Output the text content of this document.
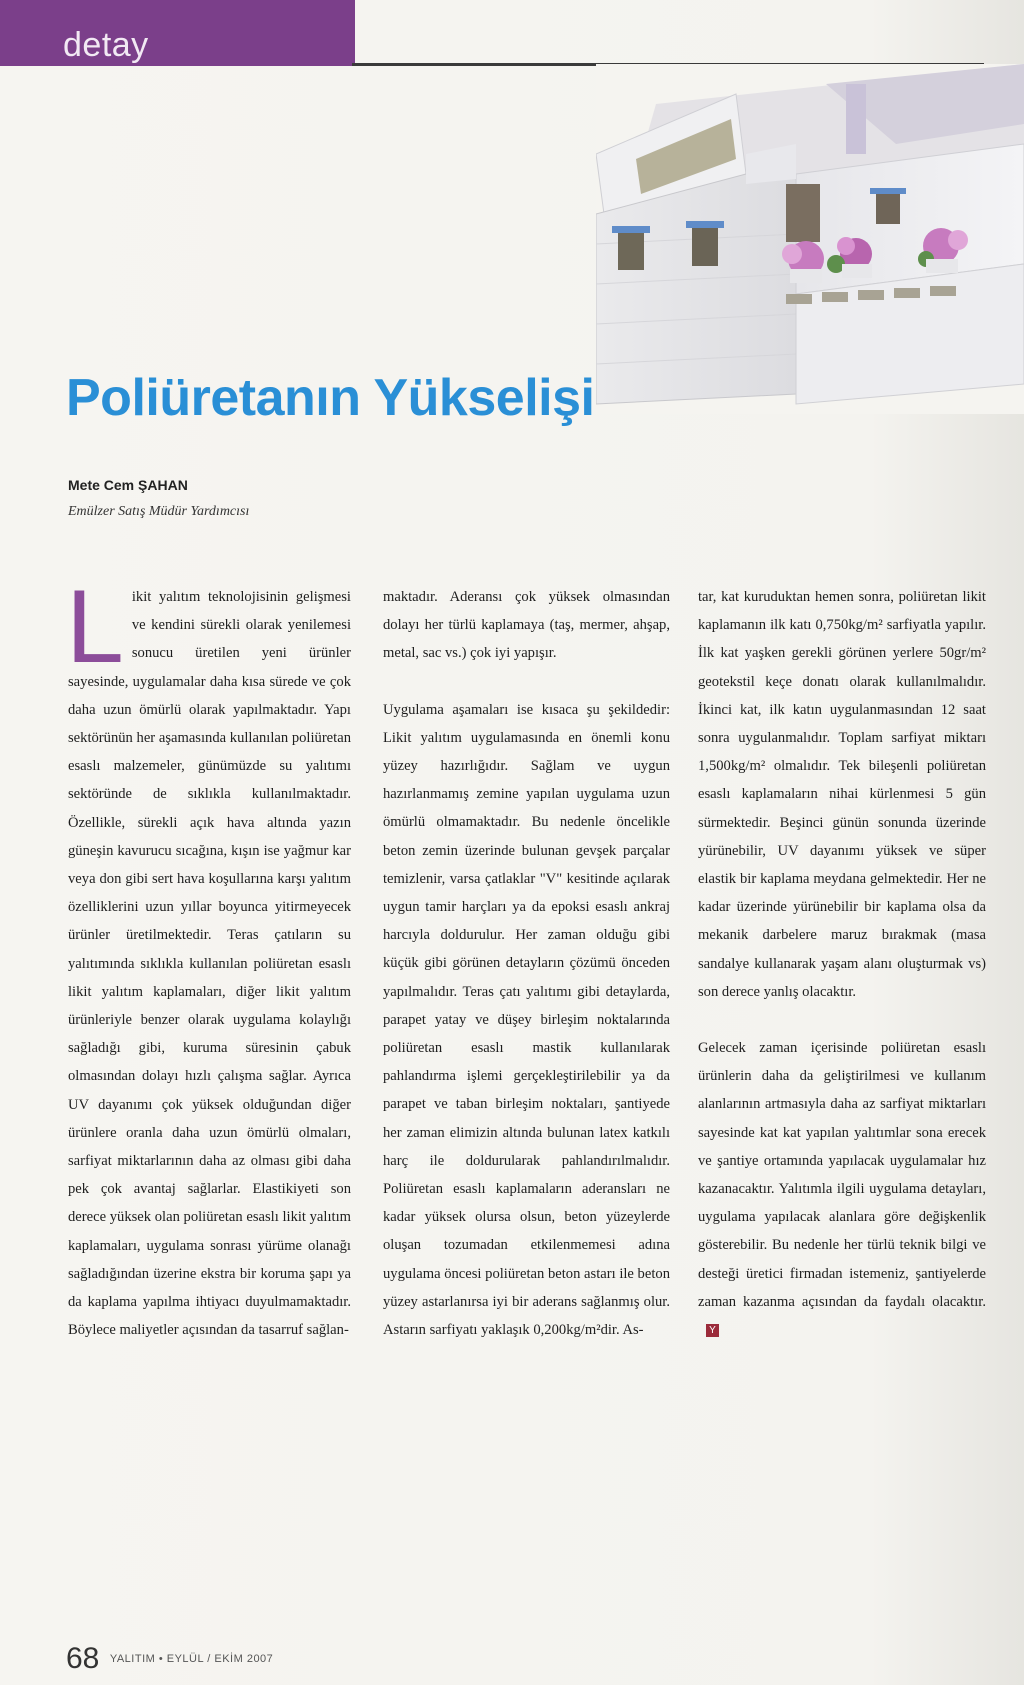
detay
Poliüretanın Yükselişi
Mete Cem ŞAHAN
Emülzer Satış Müdür Yardımcısı

Likit yalıtım teknolojisinin gelişmesi ve kendini sürekli olarak yenilemesi sonucu üretilen yeni ürünler sayesinde, uygulamalar daha kısa sürede ve çok daha uzun ömürlü olarak yapılmaktadır. Yapı sektörünün her aşamasında kullanılan poliüretan esaslı malzemeler, günümüzde su yalıtımı sektöründe de sıklıkla kullanılmaktadır. Özellikle, sürekli açık hava altında yazın güneşin kavurucu sıcağına, kışın ise yağmur kar veya don gibi sert hava koşullarına karşı yalıtım özelliklerini uzun yıllar boyunca yitirmeyecek ürünler üretilmektedir. Teras çatıların su yalıtımında sıklıkla kullanılan poliüretan esaslı likit yalıtım kaplamaları, diğer likit yalıtım ürünleriyle benzer olarak uygulama kolaylığı sağladığı gibi, kuruma süresinin çabuk olmasından dolayı hızlı çalışma sağlar. Ayrıca UV dayanımı çok yüksek olduğundan diğer ürünlere oranla daha uzun ömürlü olmaları, sarfiyat miktarlarının daha az olması gibi daha pek çok avantaj sağlarlar. Elastikiyeti son derece yüksek olan poliüretan esaslı likit yalıtım kaplamaları, uygulama sonrası yürüme olanağı sağladığından üzerine ekstra bir koruma şapı ya da kaplama yapılma ihtiyacı duyulmamaktadır. Böylece maliyetler açısından da tasarruf sağlan-

maktadır. Aderansı çok yüksek olmasından dolayı her türlü kaplamaya (taş, mermer, ahşap, metal, sac vs.) çok iyi yapışır.

Uygulama aşamaları ise kısaca şu şekildedir: Likit yalıtım uygulamasında en önemli konu yüzey hazırlığıdır. Sağlam ve uygun hazırlanmamış zemine yapılan uygulama uzun ömürlü olmamaktadır. Bu nedenle öncelikle beton zemin üzerinde bulunan gevşek parçalar temizlenir, varsa çatlaklar "V" kesitinde açılarak uygun tamir harçları ya da epoksi esaslı ankraj harcıyla doldurulur. Her zaman olduğu gibi küçük gibi görünen detayların çözümü önceden yapılmalıdır. Teras çatı yalıtımı gibi detaylarda, parapet yatay ve düşey birleşim noktalarında poliüretan esaslı mastik kullanılarak pahlandırma işlemi gerçekleştirilebilir ya da parapet ve taban birleşim noktaları, şantiyede her zaman elimizin altında bulunan latex katkılı harç ile doldurularak pahlandırılmalıdır. Poliüretan esaslı kaplamaların aderansları ne kadar yüksek olursa olsun, beton yüzeylerde oluşan tozumadan etkilenmemesi adına uygulama öncesi poliüretan beton astarı ile beton yüzey astarlanırsa iyi bir aderans sağlanmış olur. Astarın sarfiyatı yaklaşık 0,200kg/m²dir. As-

tar, kat kuruduktan hemen sonra, poliüretan likit kaplamanın ilk katı 0,750kg/m² sarfiyatla yapılır. İlk kat yaşken gerekli görünen yerlere 50gr/m² geotekstil keçe donatı olarak kullanılmalıdır. İkinci kat, ilk katın uygulanmasından 12 saat sonra uygulanmalıdır. Toplam sarfiyat miktarı 1,500kg/m² olmalıdır. Tek bileşenli poliüretan esaslı kaplamaların nihai kürlenmesi 5 gün sürmektedir. Beşinci günün sonunda üzerinde yürünebilir, UV dayanımı yüksek ve süper elastik bir kaplama meydana gelmektedir. Her ne kadar üzerinde yürünebilir bir kaplama olsa da mekanik darbelere maruz bırakmak (masa sandalye kullanarak yaşam alanı oluşturmak vs) son derece yanlış olacaktır.

Gelecek zaman içerisinde poliüretan esaslı ürünlerin daha da geliştirilmesi ve kullanım alanlarının artmasıyla daha az sarfiyat miktarları sayesinde kat kat yapılan yalıtımlar sona erecek ve şantiye ortamında yapılacak uygulamalar hız kazanacaktır. Yalıtımla ilgili uygulama detayları, uygulama yapılacak alanlara göre değişkenlik gösterebilir. Bu nedenle her türlü teknik bilgi ve desteği üretici firmadan istemeniz, şantiyelerde zaman kazanma açısından da faydalı olacaktır.Y

68 YALITIM • EYLÜL / EKİM 2007
